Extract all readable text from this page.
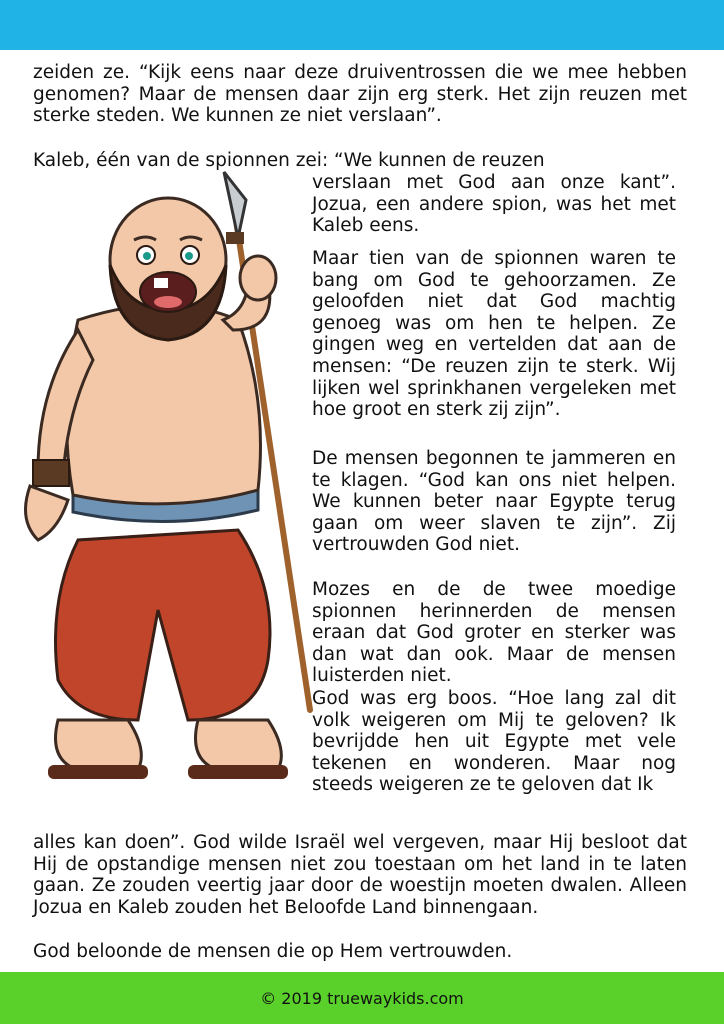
zeiden ze. “Kijk eens naar deze druiventrossen die we mee hebben genomen? Maar de mensen daar zijn erg sterk. Het zijn reuzen met sterke steden. We kunnen ze niet verslaan”.

Kaleb, één van de spionnen zei: “We kunnen de reuzen

verslaan met God aan onze kant”. Jozua, een andere spion, was het met Kaleb eens.

Maar tien van de spionnen waren te bang om God te gehoorzamen. Ze geloofden niet dat God machtig genoeg was om hen te helpen. Ze gingen weg en vertelden dat aan de mensen: “De reuzen zijn te sterk. Wij lijken wel sprinkhanen vergeleken met hoe groot en sterk zij zijn”.

De mensen begonnen te jammeren en te klagen. “God kan ons niet helpen. We kunnen beter naar Egypte terug gaan om weer slaven te zijn”. Zij vertrouwden God niet.

Mozes en de de twee moedige spionnen herinnerden de mensen eraan dat God groter en sterker was dan wat dan ook. Maar de mensen luisterden niet.

God was erg boos. “Hoe lang zal dit volk weigeren om Mij te geloven? Ik bevrijdde hen uit Egypte met vele tekenen en wonderen. Maar nog steeds weigeren ze te geloven dat Ik

alles kan doen”. God wilde Israël wel vergeven, maar Hij besloot dat Hij de opstandige mensen niet zou toestaan om het land in te laten gaan. Ze zouden veertig jaar door de woestijn moeten dwalen. Alleen Jozua en Kaleb zouden het Beloofde Land binnengaan.

God beloonde de mensen die op Hem vertrouwden.

© 2019 truewaykids.com
